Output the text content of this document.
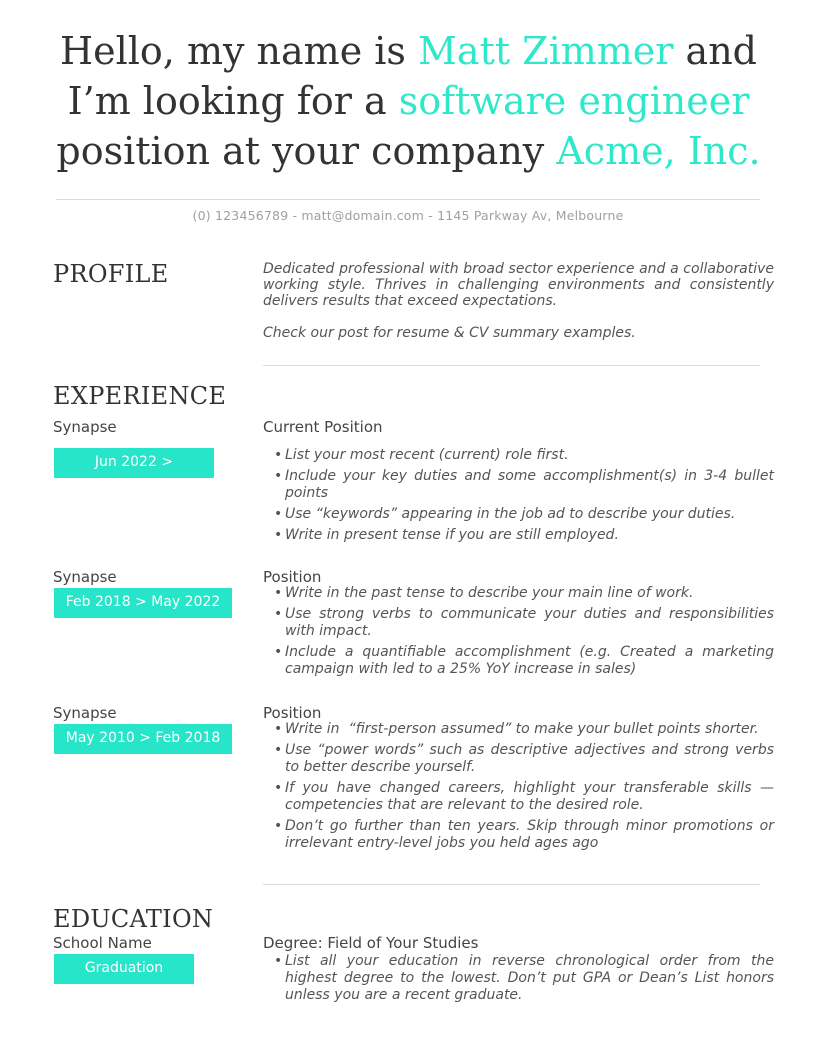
Hello, my name is Matt Zimmer and I’m looking for a software engineer position at your company Acme, Inc.
(0) 123456789 - matt@domain.com - 1145 Parkway Av, Melbourne
PROFILE	Dedicated professional with broad sector experience and a collaborative working style. Thrives in challenging environments and consistently delivers results that exceed expectations.

Check our post for resume & CV summary examples.

EXPERIENCE
Synapse
Jun 2022 >
Current Position
• List your most recent (current) role first.
• Include your key duties and some accomplishment(s) in 3-4 bullet points
• Use “keywords” appearing in the job ad to describe your duties.
• Write in present tense if you are still employed.
Synapse
Feb 2018 > May 2022
Position
• Write in the past tense to describe your main line of work.
• Use strong verbs to communicate your duties and responsibilities with impact.
• Include a quantifiable accomplishment (e.g. Created a marketing campaign with led to a 25% YoY increase in sales)
Synapse
May 2010 > Feb 2018
Position
• Write in  “first-person assumed” to make your bullet points shorter.
• Use “power words” such as descriptive adjectives and strong verbs to better describe yourself.
• If you have changed careers, highlight your transferable skills — competencies that are relevant to the desired role.
• Don’t go further than ten years. Skip through minor promotions or irrelevant entry-level jobs you held ages ago
EDUCATION
School Name
Graduation
Degree: Field of Your Studies
• List all your education in reverse chronological order from the highest degree to the lowest. Don’t put GPA or Dean’s List honors unless you are a recent graduate.
